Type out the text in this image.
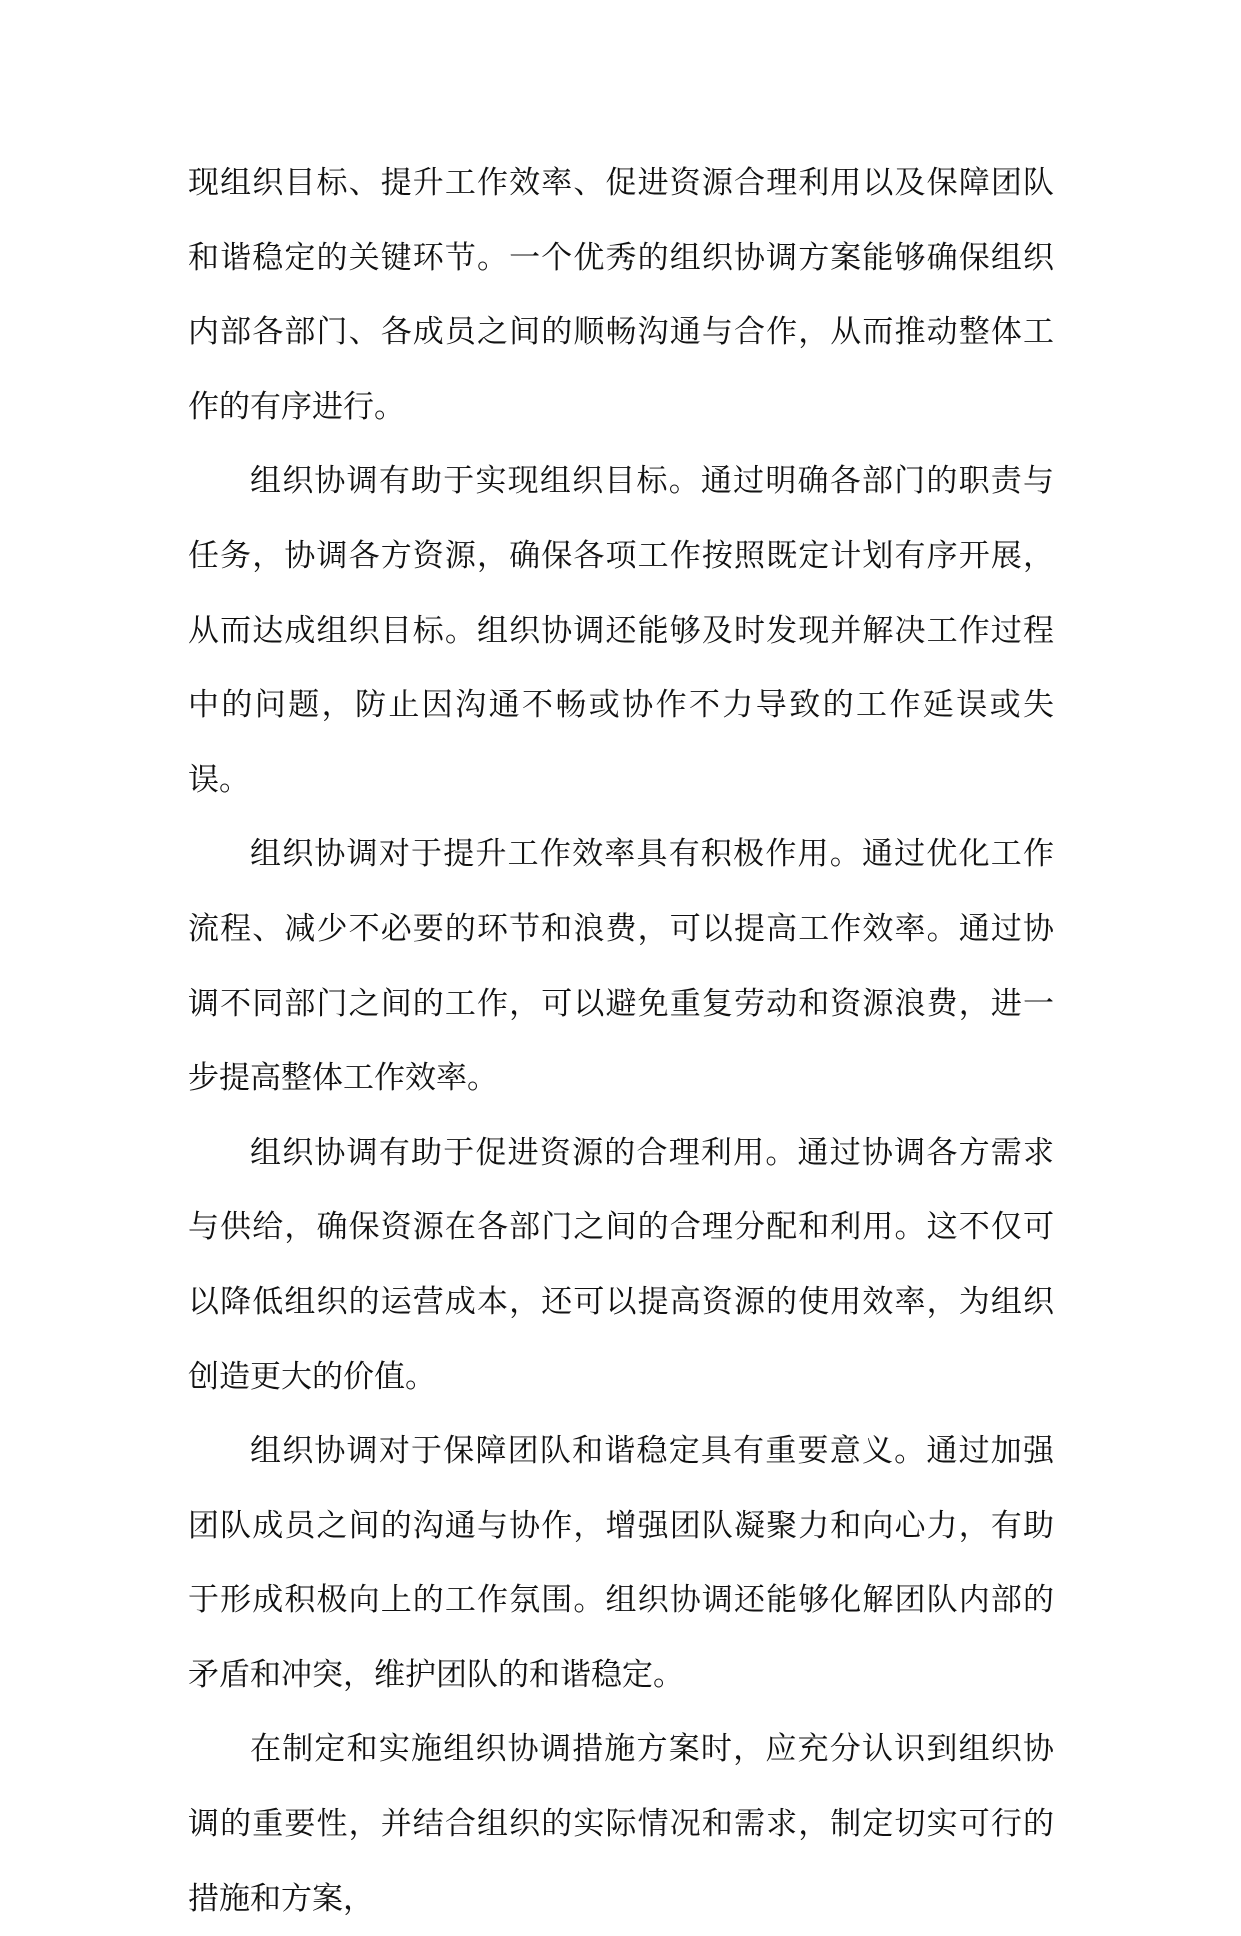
现组织目标、提升工作效率、促进资源合理利用以及保障团队和谐稳定的关键环节。一个优秀的组织协调方案能够确保组织内部各部门、各成员之间的顺畅沟通与合作，从而推动整体工作的有序进行。

组织协调有助于实现组织目标。通过明确各部门的职责与任务，协调各方资源，确保各项工作按照既定计划有序开展，从而达成组织目标。组织协调还能够及时发现并解决工作过程中的问题，防止因沟通不畅或协作不力导致的工作延误或失误。

组织协调对于提升工作效率具有积极作用。通过优化工作流程、减少不必要的环节和浪费，可以提高工作效率。通过协调不同部门之间的工作，可以避免重复劳动和资源浪费，进一步提高整体工作效率。

组织协调有助于促进资源的合理利用。通过协调各方需求与供给，确保资源在各部门之间的合理分配和利用。这不仅可以降低组织的运营成本，还可以提高资源的使用效率，为组织创造更大的价值。

组织协调对于保障团队和谐稳定具有重要意义。通过加强团队成员之间的沟通与协作，增强团队凝聚力和向心力，有助于形成积极向上的工作氛围。组织协调还能够化解团队内部的矛盾和冲突，维护团队的和谐稳定。

在制定和实施组织协调措施方案时，应充分认识到组织协调的重要性，并结合组织的实际情况和需求，制定切实可行的措施和方案，
